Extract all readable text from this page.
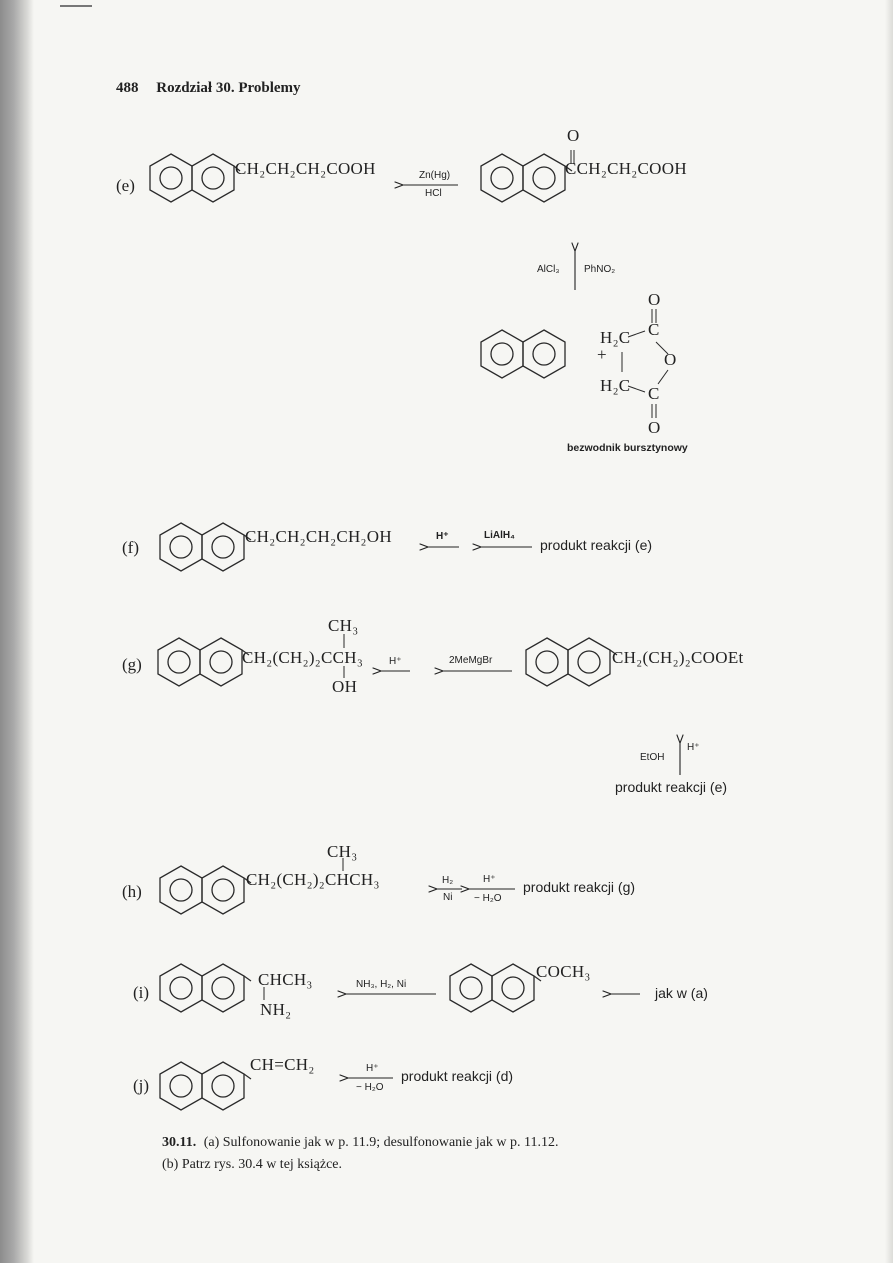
488 Rozdział 30. Problemy
(e)
CH₂CH₂CH₂COOH	Zn(Hg)
HCl
O
CCH₂CH₂COOH
AlCl₃ PhNO₂
+
O
H₂C C
O
H₂C C
O
bezwodnik bursztynowy
(f)
CH₂CH₂CH₂CH₂OH	H⁺	LiAlH₄
produkt reakcji (e)
(g)
CH₃
CH₂(CH₂)₂CCH₃
OH
H⁺	2MeMgBr	CH₂(CH₂)₂COOEt
EtOH
H⁺
produkt reakcji (e)
(h)
CH₃
CH₂(CH₂)₂CHCH₃	H₂
Ni
H⁺
− H₂O
produkt reakcji (g)
(i)
CHCH₃
NH₂
NH₃, H₂, Ni
COCH₃
jak w (a)
(j)
CH=CH₂	H⁺
− H₂O
produkt reakcji (d)
30.11. (a) Sulfonowanie jak w p. 11.9; desulfonowanie jak w p. 11.12.
(b) Patrz rys. 30.4 w tej książce.
